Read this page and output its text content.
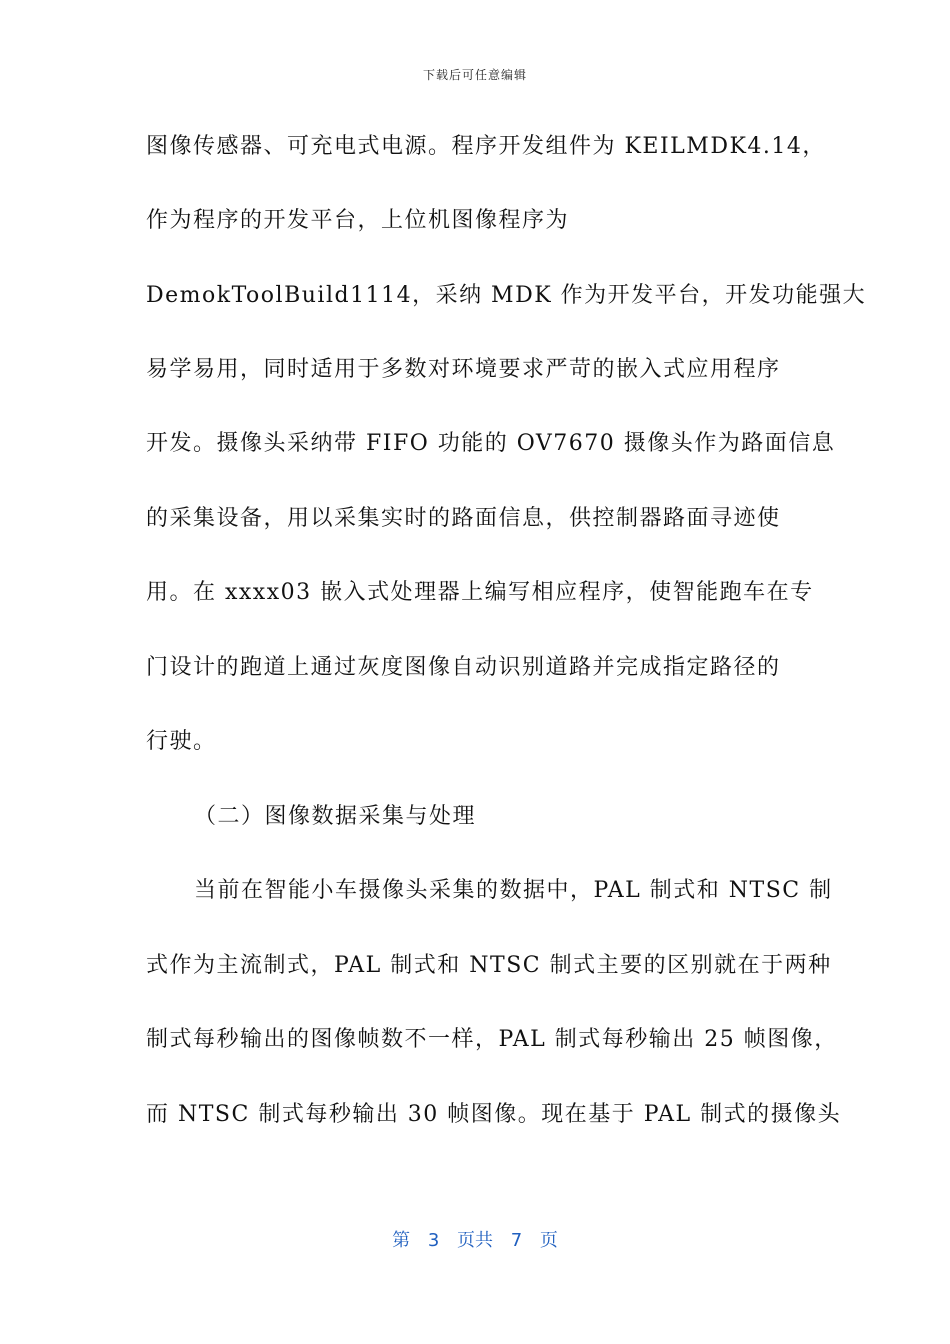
下载后可任意编辑
图像传感器、可充电式电源。程序开发组件为 KEILMDK4.14，
作为程序的开发平台，上位机图像程序为
DemokToolBuild1114，采纳 MDK 作为开发平台，开发功能强大
易学易用，同时适用于多数对环境要求严苛的嵌入式应用程序
开发。摄像头采纳带 FIFO 功能的 OV7670 摄像头作为路面信息
的采集设备，用以采集实时的路面信息，供控制器路面寻迹使
用。在 xxxx03 嵌入式处理器上编写相应程序，使智能跑车在专
门设计的跑道上通过灰度图像自动识别道路并完成指定路径的
行驶。
（二）图像数据采集与处理
当前在智能小车摄像头采集的数据中，PAL 制式和 NTSC 制
式作为主流制式，PAL 制式和 NTSC 制式主要的区别就在于两种
制式每秒输出的图像帧数不一样，PAL 制式每秒输出 25 帧图像，
而 NTSC 制式每秒输出 30 帧图像。现在基于 PAL 制式的摄像头
第 3 页共 7 页
